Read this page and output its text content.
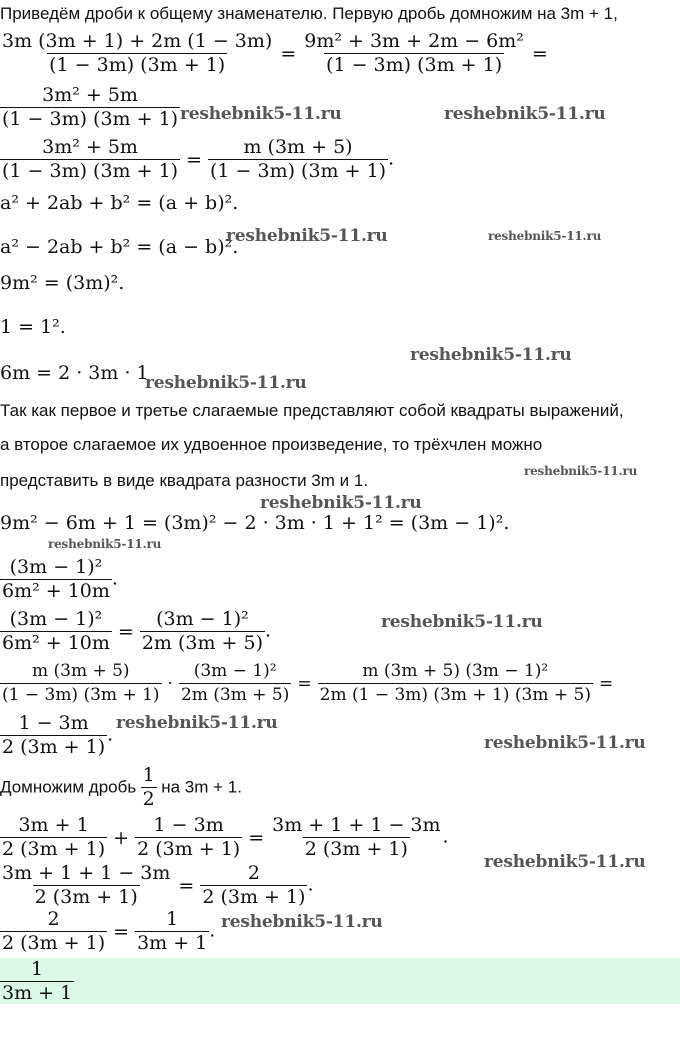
Приведём дроби к общему знаменателю. Первую дробь домножим на 3m + 1,
$\frac{3m (3m + 1) + 2m (1 - 3m)}{(1 - 3m) (3m + 1)} = \frac{\text{9m² + 3m + 2m − 6m²}}{(1 - 3m) (3m + 1)}$ =
$\frac{\text{3m² + 5m}}{(1 - 3m) (3m + 1)}$
$\frac{\text{3m² + 5m}}{(1 - 3m) (3m + 1)} = \frac{m (3m + 5)}{(1 - 3m) (3m + 1)}$ .
a² + 2ab + b² = (a + b)².
a² − 2ab + b² = (a − b)².
9m² = (3m)².
1 = 1².
6m = 2 · 3m · 1
Так как первое и третье слагаемые представляют собой квадраты выражений,
а второе слагаемое их удвоенное произведение, то трёхчлен можно
представить в виде квадрата разности 3m и 1.
9m² − 6m + 1 = (3m)² − 2 · 3m · 1 + 1² = (3m − 1)².
$\frac{\text{(3m − 1)²}}{\text{6m² + 10m}}$ .
$\frac{\text{(3m − 1)²}}{\text{6m² + 10m}} = \frac{\text{(3m − 1)²}}{2m (3m + 5)}$ .
$\frac{m (3m + 5)}{(1 - 3m) (3m + 1)} \cdot \frac{\text{(3m − 1)²}}{2m (3m + 5)} = \frac{\text{m (3m + 5) (3m − 1)²}}{2m (1 - 3m) (3m + 1) (3m + 5)}$ =
$\frac{1 - 3m}{2 (3m + 1)}$ .
Домножим дробь $\frac{1}{2}$ на 3m + 1.
$\frac{3m + 1}{2 (3m + 1)} + \frac{1 - 3m}{2 (3m + 1)} = \frac{3m + 1 + 1 - 3m}{2 (3m + 1)}$ .
$\frac{3m + 1 + 1 - 3m}{2 (3m + 1)} = \frac{2}{2 (3m + 1)}$ .
$\frac{2}{2 (3m + 1)} = \frac{1}{3m + 1}$ .
$\frac{1}{3m + 1}$
reshebnik5-11.ru	reshebnik5-11.ru
reshebnik5-11.ru	reshebnik5-11.ru
reshebnik5-11.ru
reshebnik5-11.ru
reshebnik5-11.ru
reshebnik5-11.ru
reshebnik5-11.ru
reshebnik5-11.ru
reshebnik5-11.ru
reshebnik5-11.ru
reshebnik5-11.ru
reshebnik5-11.ru
